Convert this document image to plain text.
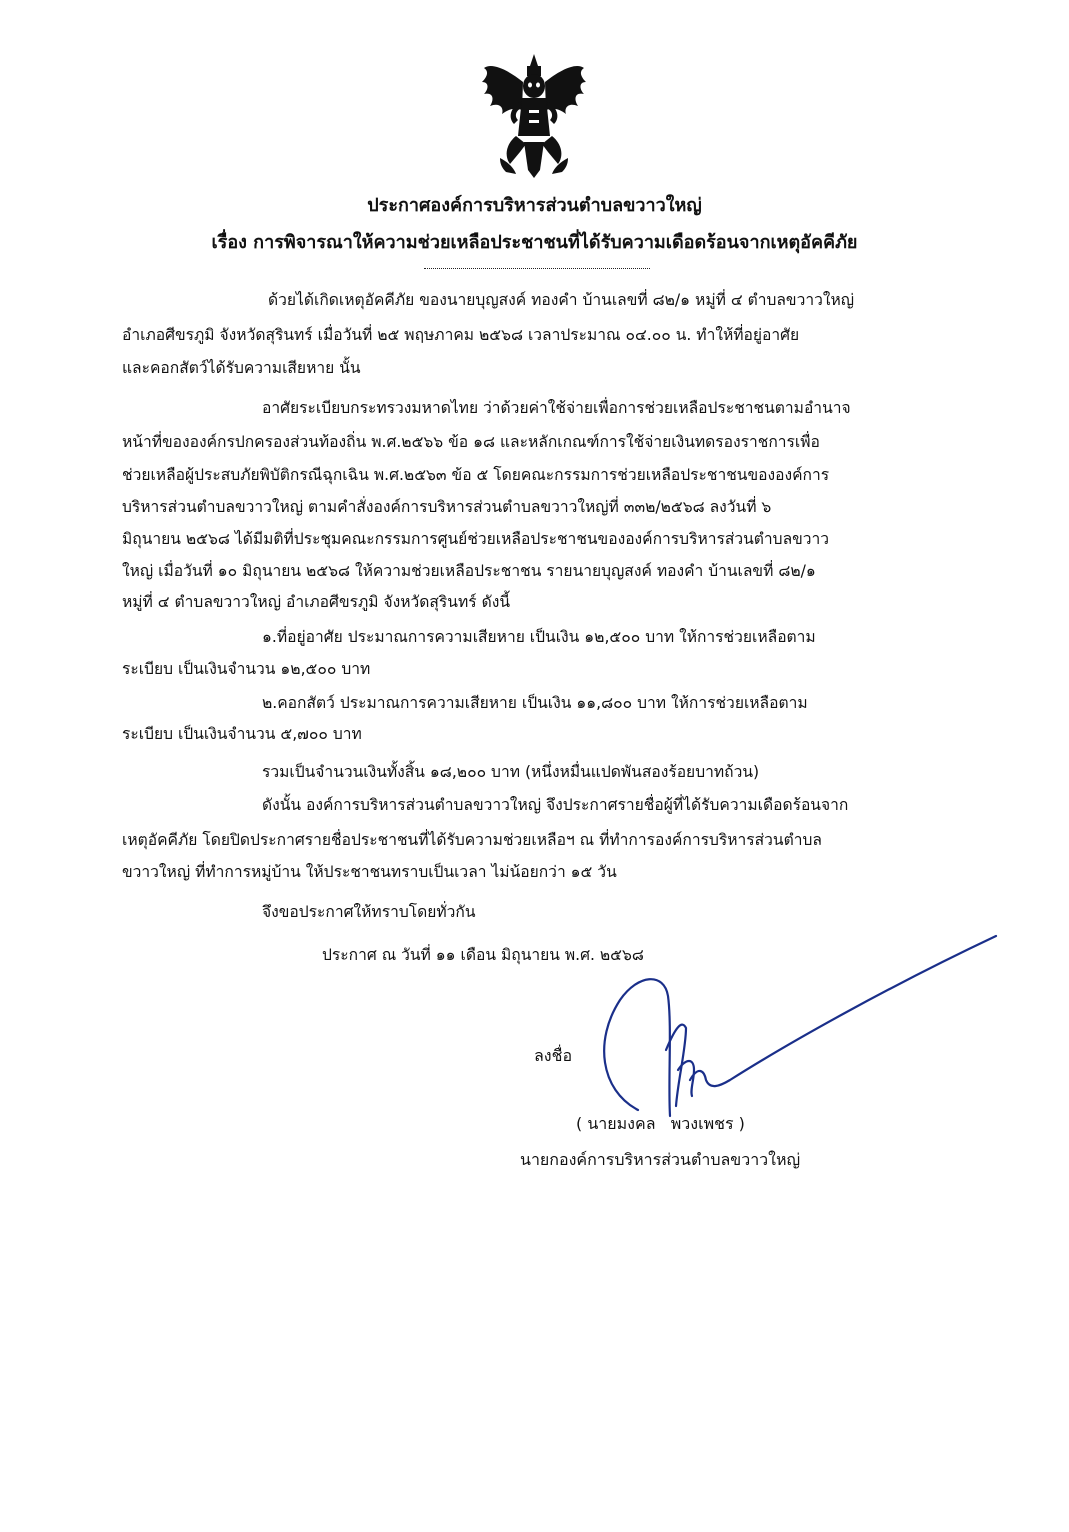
ประกาศองค์การบริหารส่วนตำบลขวาวใหญ่
เรื่อง การพิจารณาให้ความช่วยเหลือประชาชนที่ได้รับความเดือดร้อนจากเหตุอัคคีภัย
ด้วยได้เกิดเหตุอัคคีภัย ของนายบุญสงค์ ทองคำ บ้านเลขที่ ๘๒/๑ หมู่ที่ ๔ ตำบลขวาวใหญ่
อำเภอศีขรภูมิ จังหวัดสุรินทร์ เมื่อวันที่ ๒๕ พฤษภาคม ๒๕๖๘ เวลาประมาณ ๐๔.๐๐ น. ทำให้ที่อยู่อาศัย
และคอกสัตว์ได้รับความเสียหาย นั้น
อาศัยระเบียบกระทรวงมหาดไทย ว่าด้วยค่าใช้จ่ายเพื่อการช่วยเหลือประชาชนตามอำนาจ
หน้าที่ขององค์กรปกครองส่วนท้องถิ่น พ.ศ.๒๕๖๖ ข้อ ๑๘ และหลักเกณฑ์การใช้จ่ายเงินทดรองราชการเพื่อ
ช่วยเหลือผู้ประสบภัยพิบัติกรณีฉุกเฉิน พ.ศ.๒๕๖๓ ข้อ ๕ โดยคณะกรรมการช่วยเหลือประชาชนขององค์การ
บริหารส่วนตำบลขวาวใหญ่ ตามคำสั่งองค์การบริหารส่วนตำบลขวาวใหญ่ที่ ๓๓๒/๒๕๖๘ ลงวันที่ ๖
มิถุนายน ๒๕๖๘ ได้มีมติที่ประชุมคณะกรรมการศูนย์ช่วยเหลือประชาชนขององค์การบริหารส่วนตำบลขวาว
ใหญ่ เมื่อวันที่ ๑๐ มิถุนายน ๒๕๖๘ ให้ความช่วยเหลือประชาชน รายนายบุญสงค์ ทองคำ บ้านเลขที่ ๘๒/๑
หมู่ที่ ๔ ตำบลขวาวใหญ่ อำเภอศีขรภูมิ จังหวัดสุรินทร์ ดังนี้
๑.ที่อยู่อาศัย ประมาณการความเสียหาย เป็นเงิน ๑๒,๕๐๐ บาท ให้การช่วยเหลือตาม
ระเบียบ เป็นเงินจำนวน ๑๒,๕๐๐ บาท
๒.คอกสัตว์ ประมาณการความเสียหาย เป็นเงิน ๑๑,๘๐๐ บาท ให้การช่วยเหลือตาม
ระเบียบ เป็นเงินจำนวน ๕,๗๐๐ บาท
รวมเป็นจำนวนเงินทั้งสิ้น ๑๘,๒๐๐ บาท (หนึ่งหมื่นแปดพันสองร้อยบาทถ้วน)
ดังนั้น องค์การบริหารส่วนตำบลขวาวใหญ่ จึงประกาศรายชื่อผู้ที่ได้รับความเดือดร้อนจาก
เหตุอัคคีภัย โดยปิดประกาศรายชื่อประชาชนที่ได้รับความช่วยเหลือฯ ณ ที่ทำการองค์การบริหารส่วนตำบล
ขวาวใหญ่ ที่ทำการหมู่บ้าน ให้ประชาชนทราบเป็นเวลา ไม่น้อยกว่า ๑๕ วัน
จึงขอประกาศให้ทราบโดยทั่วกัน
ประกาศ ณ วันที่ ๑๑ เดือน มิถุนายน พ.ศ. ๒๕๖๘
ลงชื่อ
( นายมงคล   พวงเพชร )
นายกองค์การบริหารส่วนตำบลขวาวใหญ่
